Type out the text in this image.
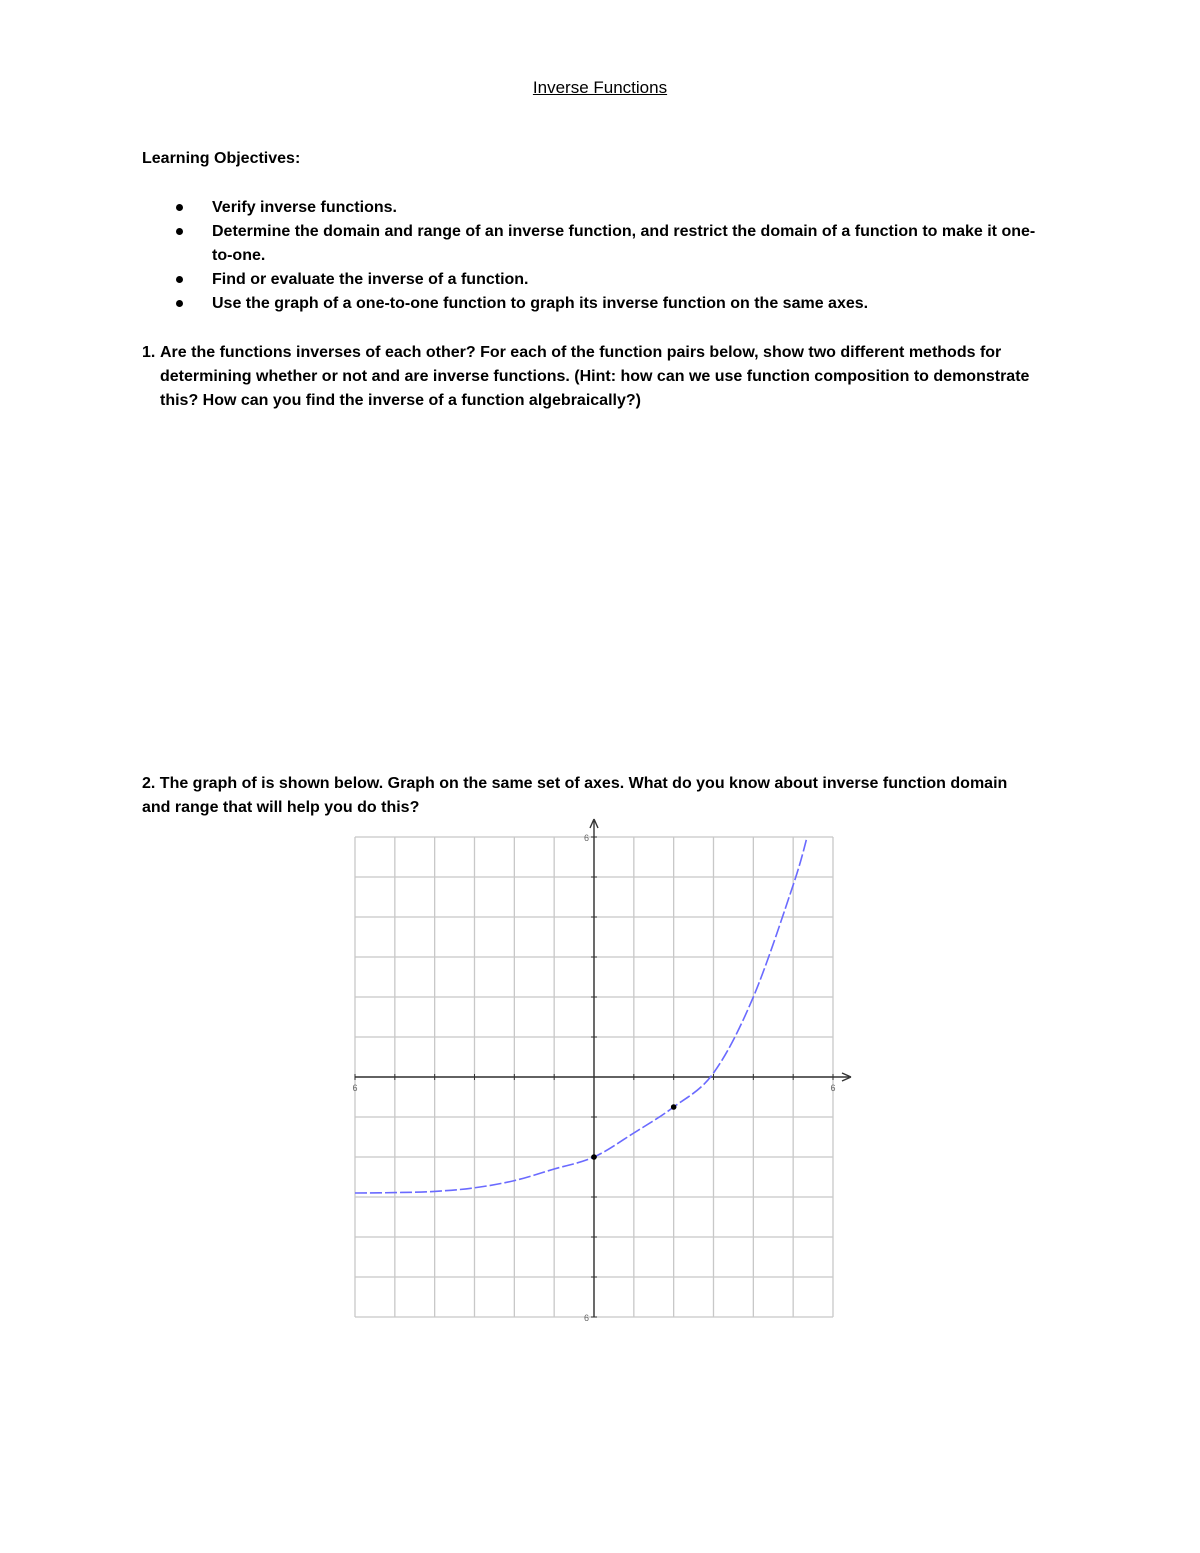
Inverse Functions
Learning Objectives:
Verify inverse functions.
Determine the domain and range of an inverse function, and restrict the domain of a function to make it one-to-one.
Find or evaluate the inverse of a function.
Use the graph of a one-to-one function to graph its inverse function on the same axes.
1. Are the functions inverses of each other? For each of the function pairs below, show two different methods for determining whether or not and are inverse functions. (Hint: how can we use function composition to demonstrate this? How can you find the inverse of a function algebraically?)
2. The graph of is shown below. Graph on the same set of axes. What do you know about inverse function domain and range that will help you do this?
6	6
6
6
